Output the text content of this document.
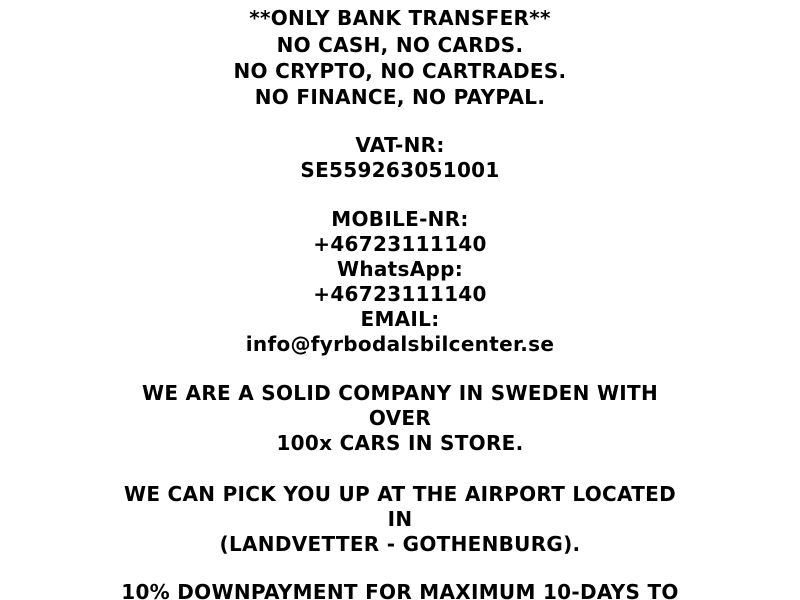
**ONLY BANK TRANSFER**

NO CASH, NO CARDS.

NO CRYPTO, NO CARTRADES.

NO FINANCE, NO PAYPAL.

VAT-NR:

SE559263051001

MOBILE-NR:

+46723111140

WhatsApp:

+46723111140

EMAIL:

info@fyrbodalsbilcenter.se

WE ARE A SOLID COMPANY IN SWEDEN WITH

OVER

100x CARS IN STORE.

WE CAN PICK YOU UP AT THE AIRPORT LOCATED

IN

(LANDVETTER - GOTHENBURG).

10% DOWNPAYMENT FOR MAXIMUM 10-DAYS TO
